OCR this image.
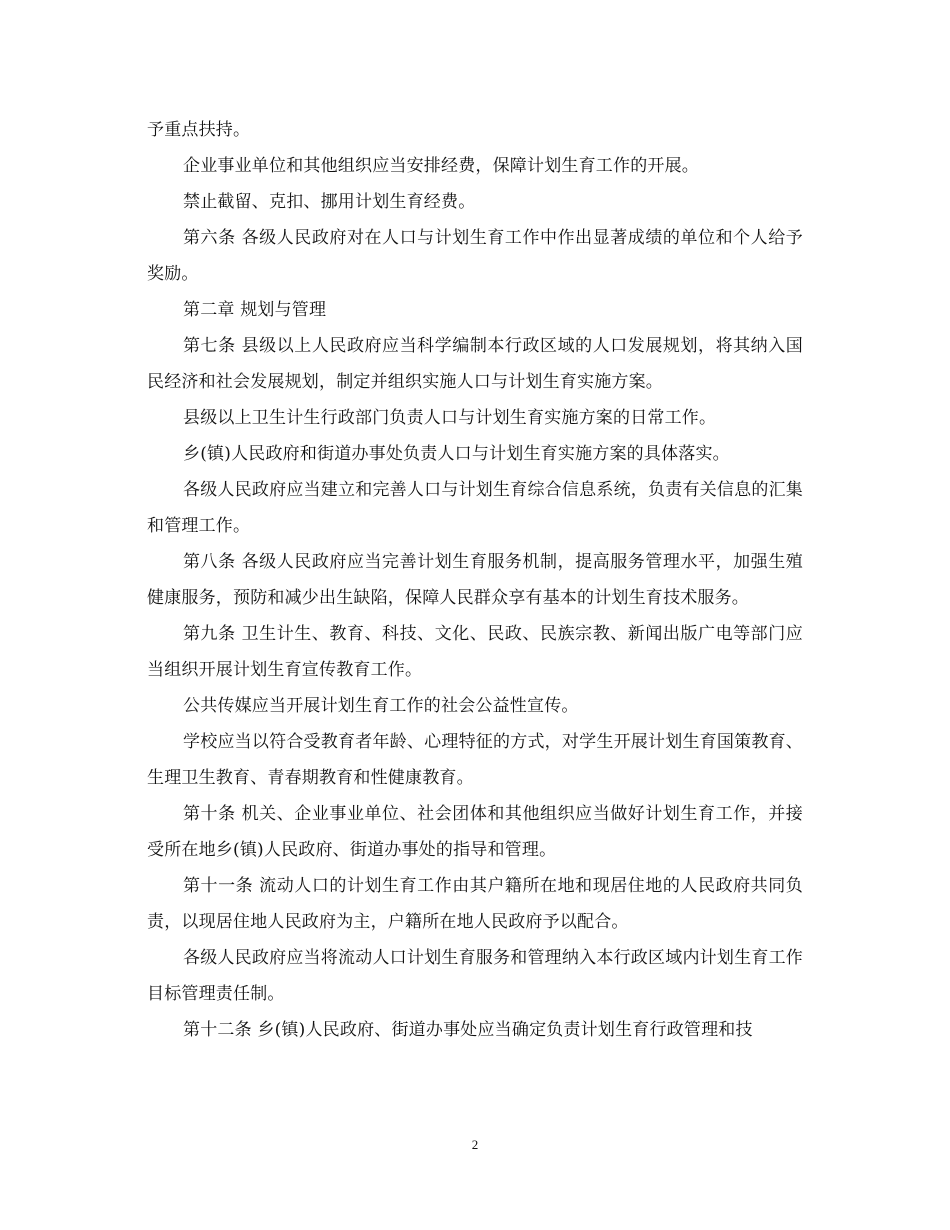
予重点扶持。

企业事业单位和其他组织应当安排经费，保障计划生育工作的开展。

禁止截留、克扣、挪用计划生育经费。

第六条 各级人民政府对在人口与计划生育工作中作出显著成绩的单位和个人给予奖励。

第二章 规划与管理

第七条 县级以上人民政府应当科学编制本行政区域的人口发展规划，将其纳入国民经济和社会发展规划，制定并组织实施人口与计划生育实施方案。

县级以上卫生计生行政部门负责人口与计划生育实施方案的日常工作。

乡(镇)人民政府和街道办事处负责人口与计划生育实施方案的具体落实。

各级人民政府应当建立和完善人口与计划生育综合信息系统，负责有关信息的汇集和管理工作。

第八条 各级人民政府应当完善计划生育服务机制，提高服务管理水平，加强生殖健康服务，预防和减少出生缺陷，保障人民群众享有基本的计划生育技术服务。

第九条 卫生计生、教育、科技、文化、民政、民族宗教、新闻出版广电等部门应当组织开展计划生育宣传教育工作。

公共传媒应当开展计划生育工作的社会公益性宣传。

学校应当以符合受教育者年龄、心理特征的方式，对学生开展计划生育国策教育、生理卫生教育、青春期教育和性健康教育。

第十条 机关、企业事业单位、社会团体和其他组织应当做好计划生育工作，并接受所在地乡(镇)人民政府、街道办事处的指导和管理。

第十一条 流动人口的计划生育工作由其户籍所在地和现居住地的人民政府共同负责，以现居住地人民政府为主，户籍所在地人民政府予以配合。

各级人民政府应当将流动人口计划生育服务和管理纳入本行政区域内计划生育工作目标管理责任制。

第十二条 乡(镇)人民政府、街道办事处应当确定负责计划生育行政管理和技

2
